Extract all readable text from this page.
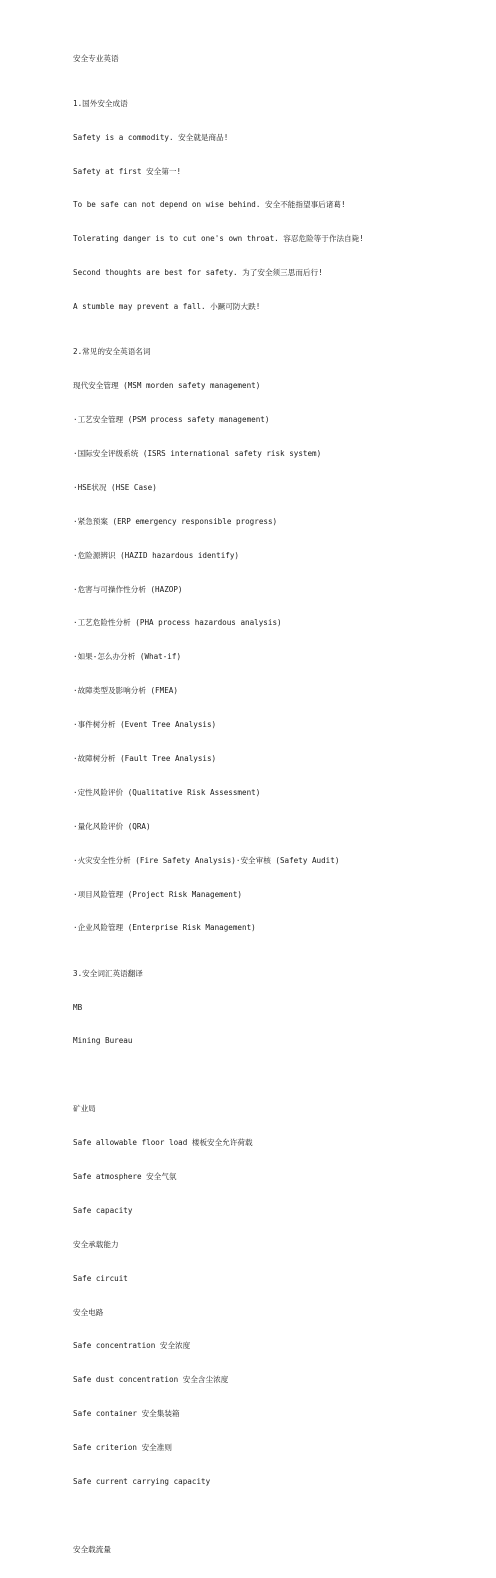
安全专业英语

1.国外安全成语

Safety is a commodity. 安全就是商品!

Safety at first 安全第一!

To be safe can not depend on wise behind. 安全不能指望事后诸葛!

Tolerating danger is to cut one's own throat. 容忍危险等于作法自毙!

Second thoughts are best for safety. 为了安全须三思而后行!

A stumble may prevent a fall. 小蹶可防大跌!

2.常见的安全英语名词

现代安全管理 (MSM morden safety management)

·工艺安全管理 (PSM process safety management)

·国际安全评级系统 (ISRS international safety risk system)

·HSE状况 (HSE Case)

·紧急预案 (ERP emergency responsible progress)

·危险源辨识 (HAZID hazardous identify)

·危害与可操作性分析 (HAZOP)

·工艺危险性分析 (PHA process hazardous analysis)

·如果-怎么办分析 (What-if)

·故障类型及影响分析 (FMEA)

·事件树分析 (Event Tree Analysis)

·故障树分析 (Fault Tree Analysis)

·定性风险评价 (Qualitative Risk Assessment)

·量化风险评价 (QRA)

·火灾安全性分析 (Fire Safety Analysis)·安全审核 (Safety Audit)

·项目风险管理 (Project Risk Management)

·企业风险管理 (Enterprise Risk Management)

3.安全词汇英语翻译

MB

Mining Bureau

矿业局

Safe allowable floor load 楼板安全允许荷载

Safe atmosphere 安全气氛

Safe capacity

安全承载能力

Safe circuit

安全电路

Safe concentration 安全浓度

Safe dust concentration 安全含尘浓度

Safe container 安全集装箱

Safe criterion 安全准则

Safe current carrying capacity

安全载流量
